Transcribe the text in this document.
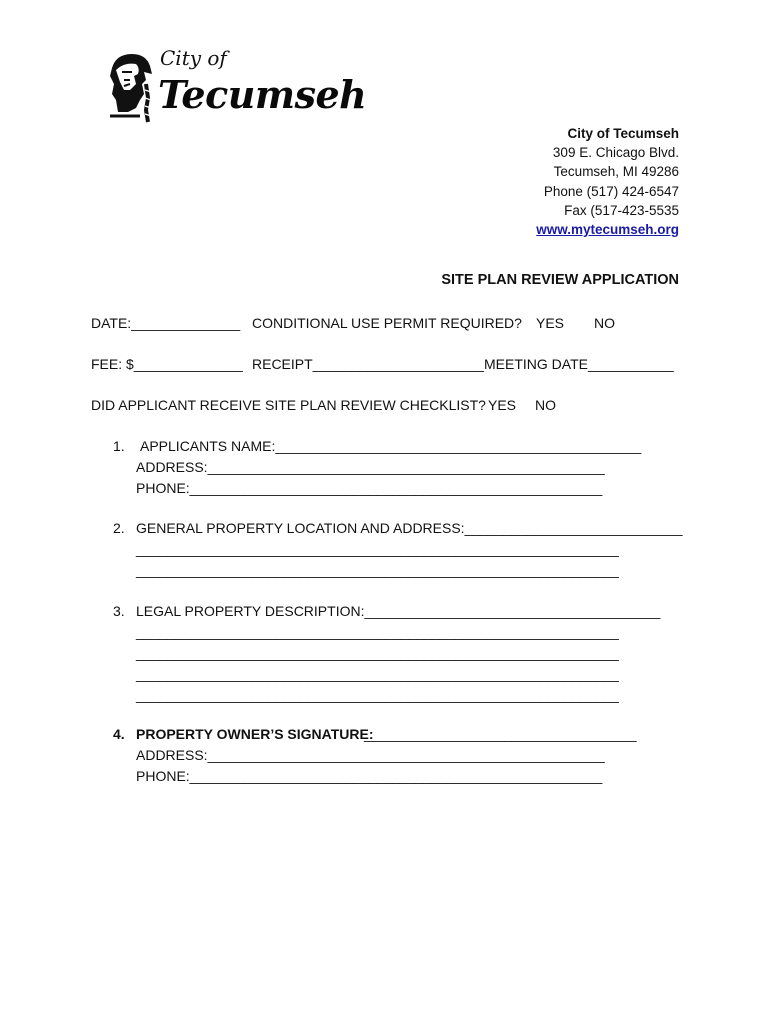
City of
Tecumseh
City of Tecumseh
309 E. Chicago Blvd.
Tecumseh, MI 49286
Phone (517) 424-6547
Fax (517-423-5535
www.mytecumseh.org
SITE PLAN REVIEW APPLICATION
DATE:______________ CONDITIONAL USE PERMIT REQUIRED? YES NO
FEE: $______________ RECEIPT______________________ MEETING DATE___________
DID APPLICANT RECEIVE SITE PLAN REVIEW CHECKLIST? YES NO
1. APPLICANTS NAME:_______________________________________________
ADDRESS:___________________________________________________
PHONE:_____________________________________________________
2. GENERAL PROPERTY LOCATION AND ADDRESS:____________________________
______________________________________________________________
______________________________________________________________
3. LEGAL PROPERTY DESCRIPTION:______________________________________
______________________________________________________________
______________________________________________________________
______________________________________________________________
______________________________________________________________
4. PROPERTY OWNER’S SIGNATURE:
___________________________________
ADDRESS:___________________________________________________
PHONE:_____________________________________________________
